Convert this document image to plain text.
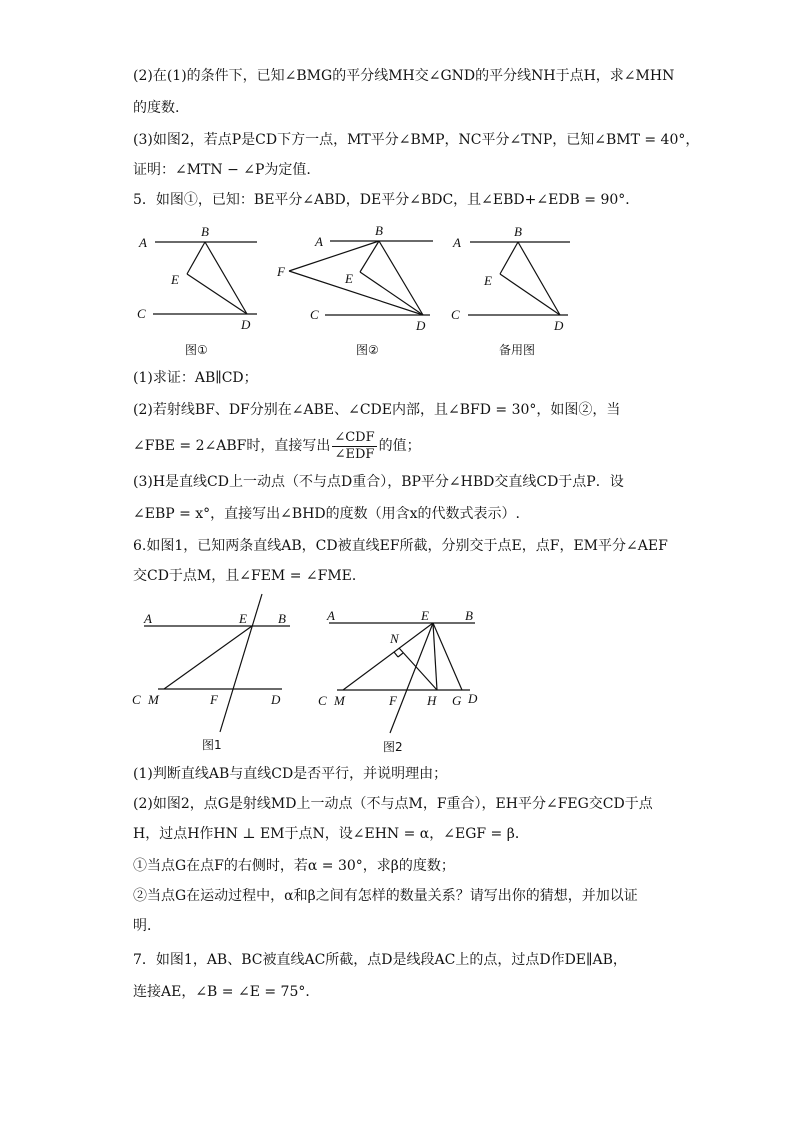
(2)在(1)的条件下，已知∠BMG的平分线MH交∠GND的平分线NH于点H，求∠MHN

的度数.

(3)如图2，若点P是CD下方一点，MT平分∠BMP，NC平分∠TNP，已知∠BMT = 40°，

证明：∠MTN − ∠P为定值.

5．如图①，已知：BE平分∠ABD，DE平分∠BDC，且∠EBD+∠EDB = 90°．

A
B
E
C
D
图①
A
B
F	E
C
D
图②
A
B
E
C
D
备用图

(1)求证：AB∥CD；

(2)若射线BF、DF分别在∠ABE、∠CDE内部，且∠BFD = 30°，如图②，当

∠FBE = 2∠ABF时，直接写出 $\frac{\text{∠CDF}}{\text{∠EDF}}$ 的值；

(3)H是直线CD上一动点（不与点D重合），BP平分∠HBD交直线CD于点P．设

∠EBP = x°，直接写出∠BHD的度数（用含x的代数式表示）.

6.如图1，已知两条直线AB，CD被直线EF所截，分别交于点E，点F，EM平分∠AEF

交CD于点M，且∠FEM = ∠FME．

A	E B
C M	F	D
图1
A	E	B
N
C M	F H G D
图2

(1)判断直线AB与直线CD是否平行，并说明理由；

(2)如图2，点G是射线MD上一动点（不与点M，F重合），EH平分∠FEG交CD于点

H，过点H作HN ⊥ EM于点N，设∠EHN = α，∠EGF = β．

①当点G在点F的右侧时，若α = 30°，求β的度数；

②当点G在运动过程中，α和β之间有怎样的数量关系？请写出你的猜想，并加以证

明．

7．如图1，AB、BC被直线AC所截，点D是线段AC上的点，过点D作DE∥AB，

连接AE，∠B = ∠E = 75°．
